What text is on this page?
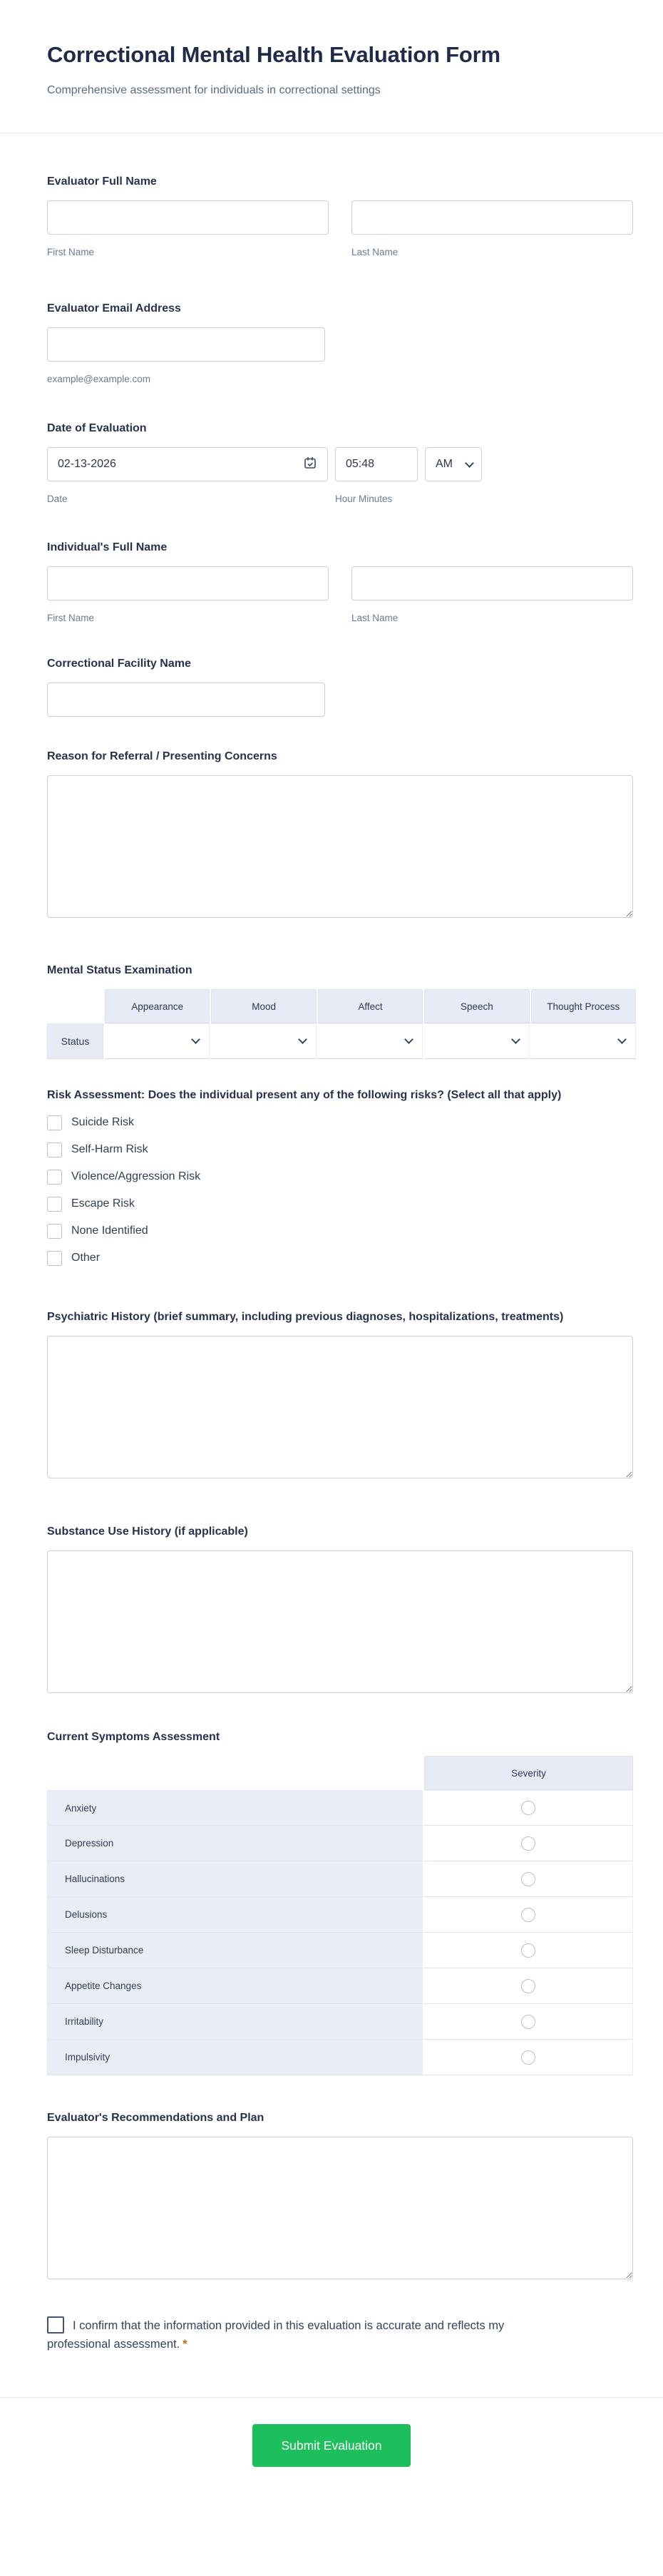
Correctional Mental Health Evaluation Form
Comprehensive assessment for individuals in correctional settings
Evaluator Full Name
First Name	Last Name
Evaluator Email Address
example@example.com
Date of Evaluation
02-13-2026	05:48	AM
Date	Hour Minutes
Individual's Full Name
First Name	Last Name
Correctional Facility Name
Reason for Referral / Presenting Concerns
Mental Status Examination
Appearance	Mood	Affect	Speech	Thought Process
Status
Risk Assessment: Does the individual present any of the following risks? (Select all that apply)
Suicide Risk
Self-Harm Risk
Violence/Aggression Risk
Escape Risk
None Identified
Other
Psychiatric History (brief summary, including previous diagnoses, hospitalizations, treatments)
Substance Use History (if applicable)
Current Symptoms Assessment
Severity
Anxiety
Depression
Hallucinations
Delusions
Sleep Disturbance
Appetite Changes
Irritability
Impulsivity
Evaluator's Recommendations and Plan
I confirm that the information provided in this evaluation is accurate and reflects my professional assessment. *
Submit Evaluation
